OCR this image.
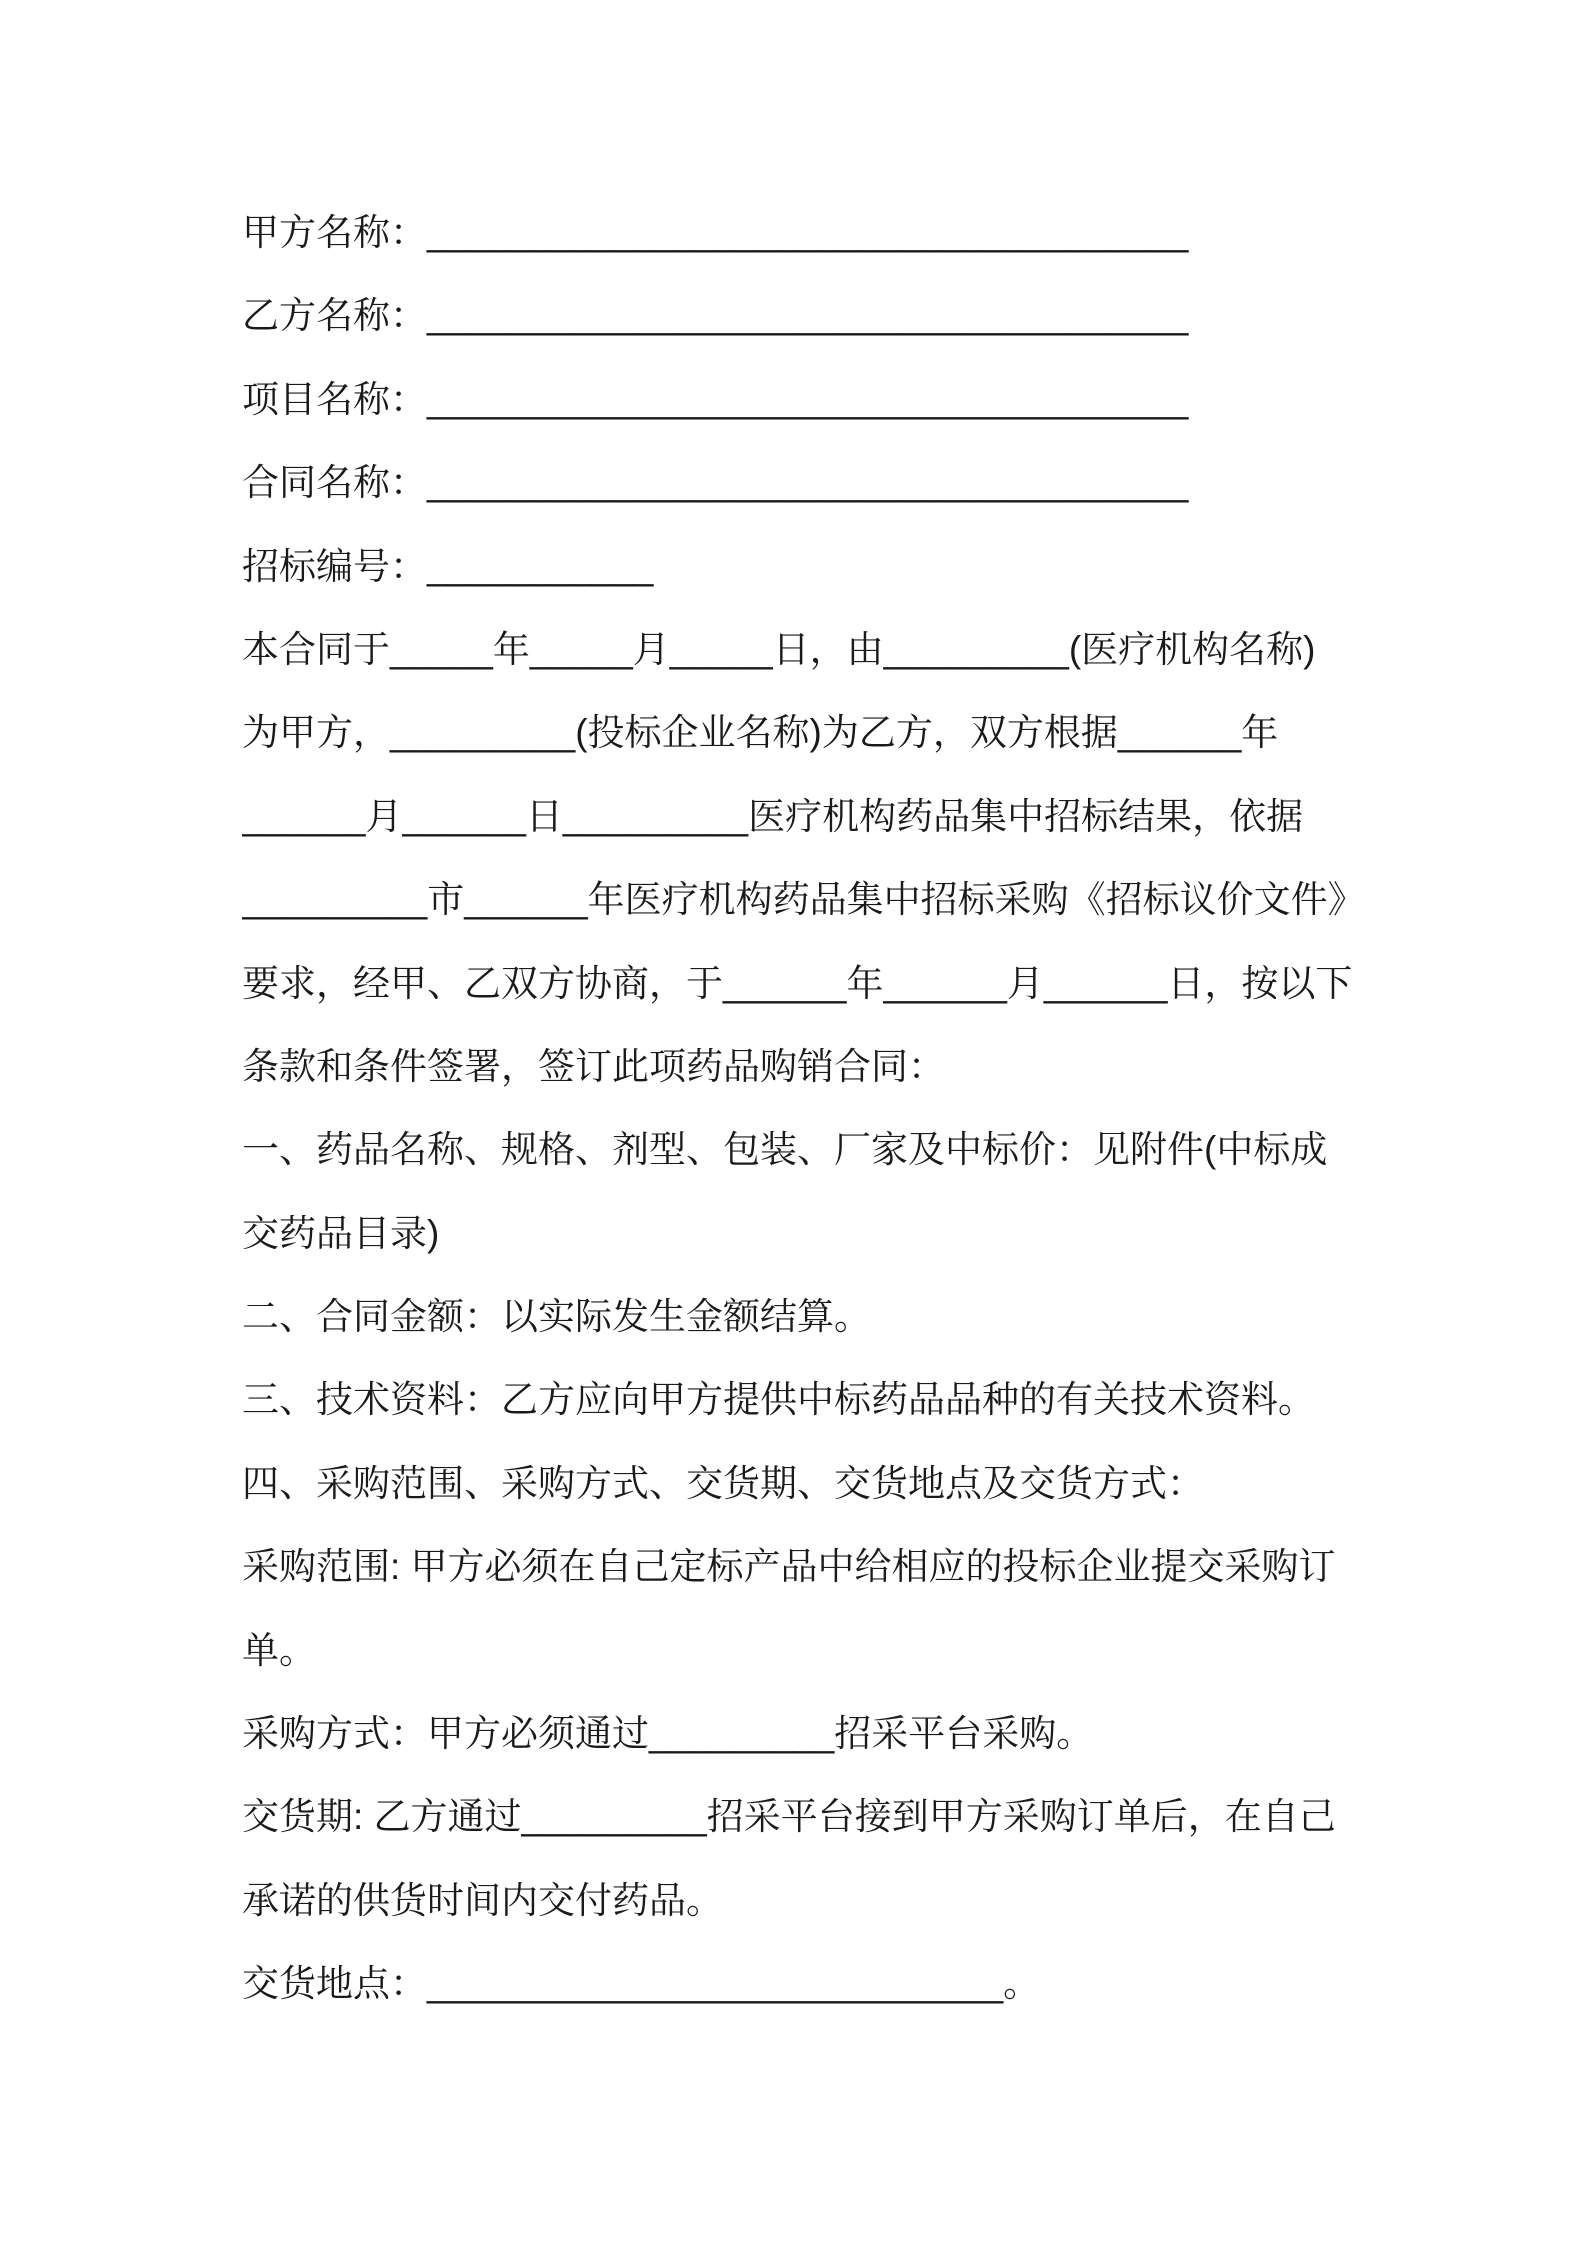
甲方名称：_____________________________________
乙方名称：_____________________________________
项目名称：_____________________________________
合同名称：_____________________________________
招标编号：___________
本合同于_____年_____月_____日，由_________(医疗机构名称)
为甲方，_________(投标企业名称)为乙方，双方根据______年
______月______日_________医疗机构药品集中招标结果，依据
_________市______年医疗机构药品集中招标采购《招标议价文件》
要求，经甲、乙双方协商，于______年______月______日，按以下
条款和条件签署，签订此项药品购销合同：
一、药品名称、规格、剂型、包装、厂家及中标价：见附件(中标成
交药品目录)
二、合同金额：以实际发生金额结算。
三、技术资料：乙方应向甲方提供中标药品品种的有关技术资料。
四、采购范围、采购方式、交货期、交货地点及交货方式：
采购范围: 甲方必须在自己定标产品中给相应的投标企业提交采购订
单。
采购方式：甲方必须通过_________招采平台采购。
交货期: 乙方通过_________招采平台接到甲方采购订单后，在自己
承诺的供货时间内交付药品。
交货地点：____________________________。
